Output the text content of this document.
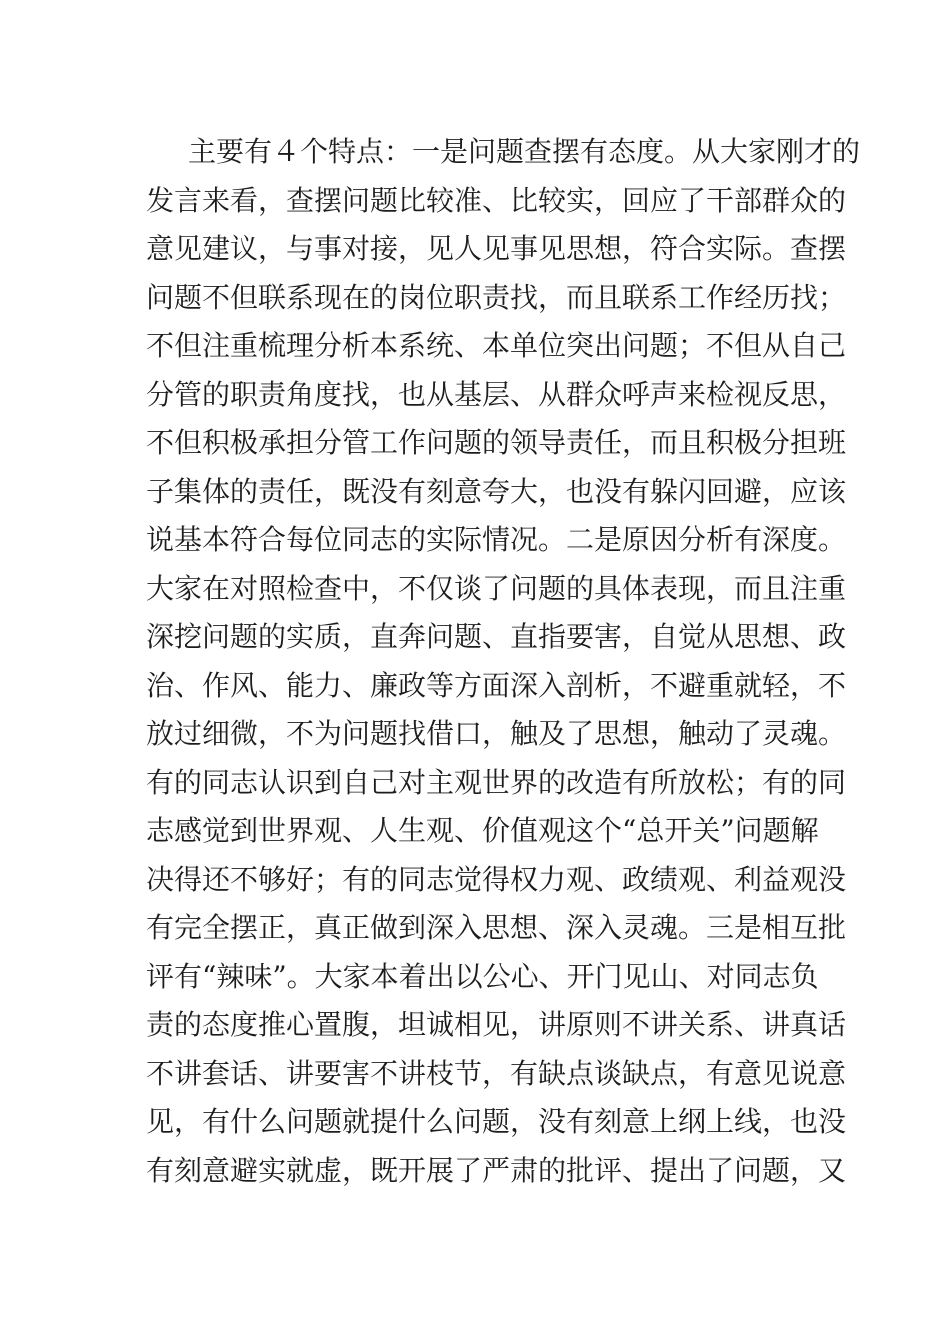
主要有４个特点：一是问题查摆有态度。从大家刚才的
发言来看，查摆问题比较准、比较实，回应了干部群众的
意见建议，与事对接，见人见事见思想，符合实际。查摆
问题不但联系现在的岗位职责找，而且联系工作经历找；
不但注重梳理分析本系统、本单位突出问题；不但从自己
分管的职责角度找，也从基层、从群众呼声来检视反思，
不但积极承担分管工作问题的领导责任，而且积极分担班
子集体的责任，既没有刻意夸大，也没有躲闪回避，应该
说基本符合每位同志的实际情况。二是原因分析有深度。
大家在对照检查中，不仅谈了问题的具体表现，而且注重
深挖问题的实质，直奔问题、直指要害，自觉从思想、政
治、作风、能力、廉政等方面深入剖析，不避重就轻，不
放过细微，不为问题找借口，触及了思想，触动了灵魂。
有的同志认识到自己对主观世界的改造有所放松；有的同
志感觉到世界观、人生观、价值观这个“总开关”问题解
决得还不够好；有的同志觉得权力观、政绩观、利益观没
有完全摆正，真正做到深入思想、深入灵魂。三是相互批
评有“辣味”。大家本着出以公心、开门见山、对同志负
责的态度推心置腹，坦诚相见，讲原则不讲关系、讲真话
不讲套话、讲要害不讲枝节，有缺点谈缺点，有意见说意
见，有什么问题就提什么问题，没有刻意上纲上线，也没
有刻意避实就虚，既开展了严肃的批评、提出了问题，又
